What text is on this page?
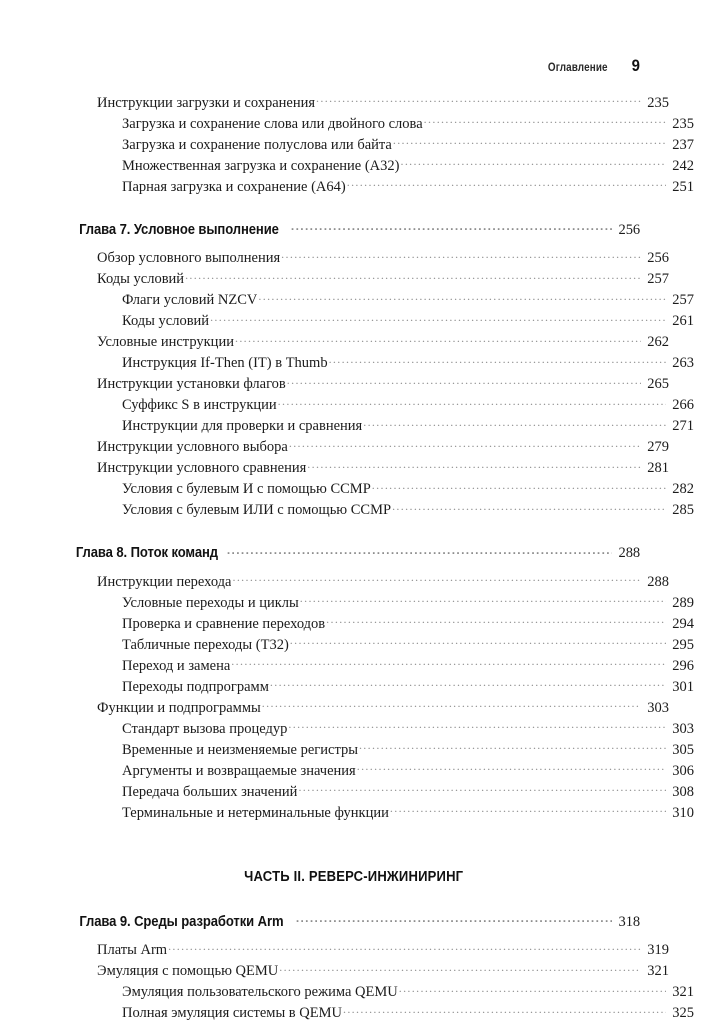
Оглавление 9
Инструкции загрузки и сохранения .....	235
Загрузка и сохранение слова или двойного слова .....	235
Загрузка и сохранение полуслова или байта .....	237
Множественная загрузка и сохранение (A32) .....	242
Парная загрузка и сохранение (A64) .....	251
Глава 7. Условное выполнение .....	256
Обзор условного выполнения .....	256
Коды условий .....	257
Флаги условий NZCV .....	257
Коды условий .....	261
Условные инструкции .....	262
Инструкция If-Then (IT) в Thumb .....	263
Инструкции установки флагов .....	265
Суффикс S в инструкции .....	266
Инструкции для проверки и сравнения .....	271
Инструкции условного выбора .....	279
Инструкции условного сравнения .....	281
Условия с булевым И с помощью CCMP .....	282
Условия с булевым ИЛИ с помощью CCMP .....	285
Глава 8. Поток команд .....	288
Инструкции перехода .....	288
Условные переходы и циклы .....	289
Проверка и сравнение переходов .....	294
Табличные переходы (T32) .....	295
Переход и замена .....	296
Переходы подпрограмм .....	301
Функции и подпрограммы .....	303
Стандарт вызова процедур .....	303
Временные и неизменяемые регистры .....	305
Аргументы и возвращаемые значения .....	306
Передача больших значений .....	308
Терминальные и нетерминальные функции .....	310
ЧАСТЬ II. РЕВЕРС-ИНЖИНИРИНГ
Глава 9. Среды разработки Arm .....	318
Платы Arm .....	319
Эмуляция с помощью QEMU .....	321
Эмуляция пользовательского режима QEMU .....	321
Полная эмуляция системы в QEMU .....	325
